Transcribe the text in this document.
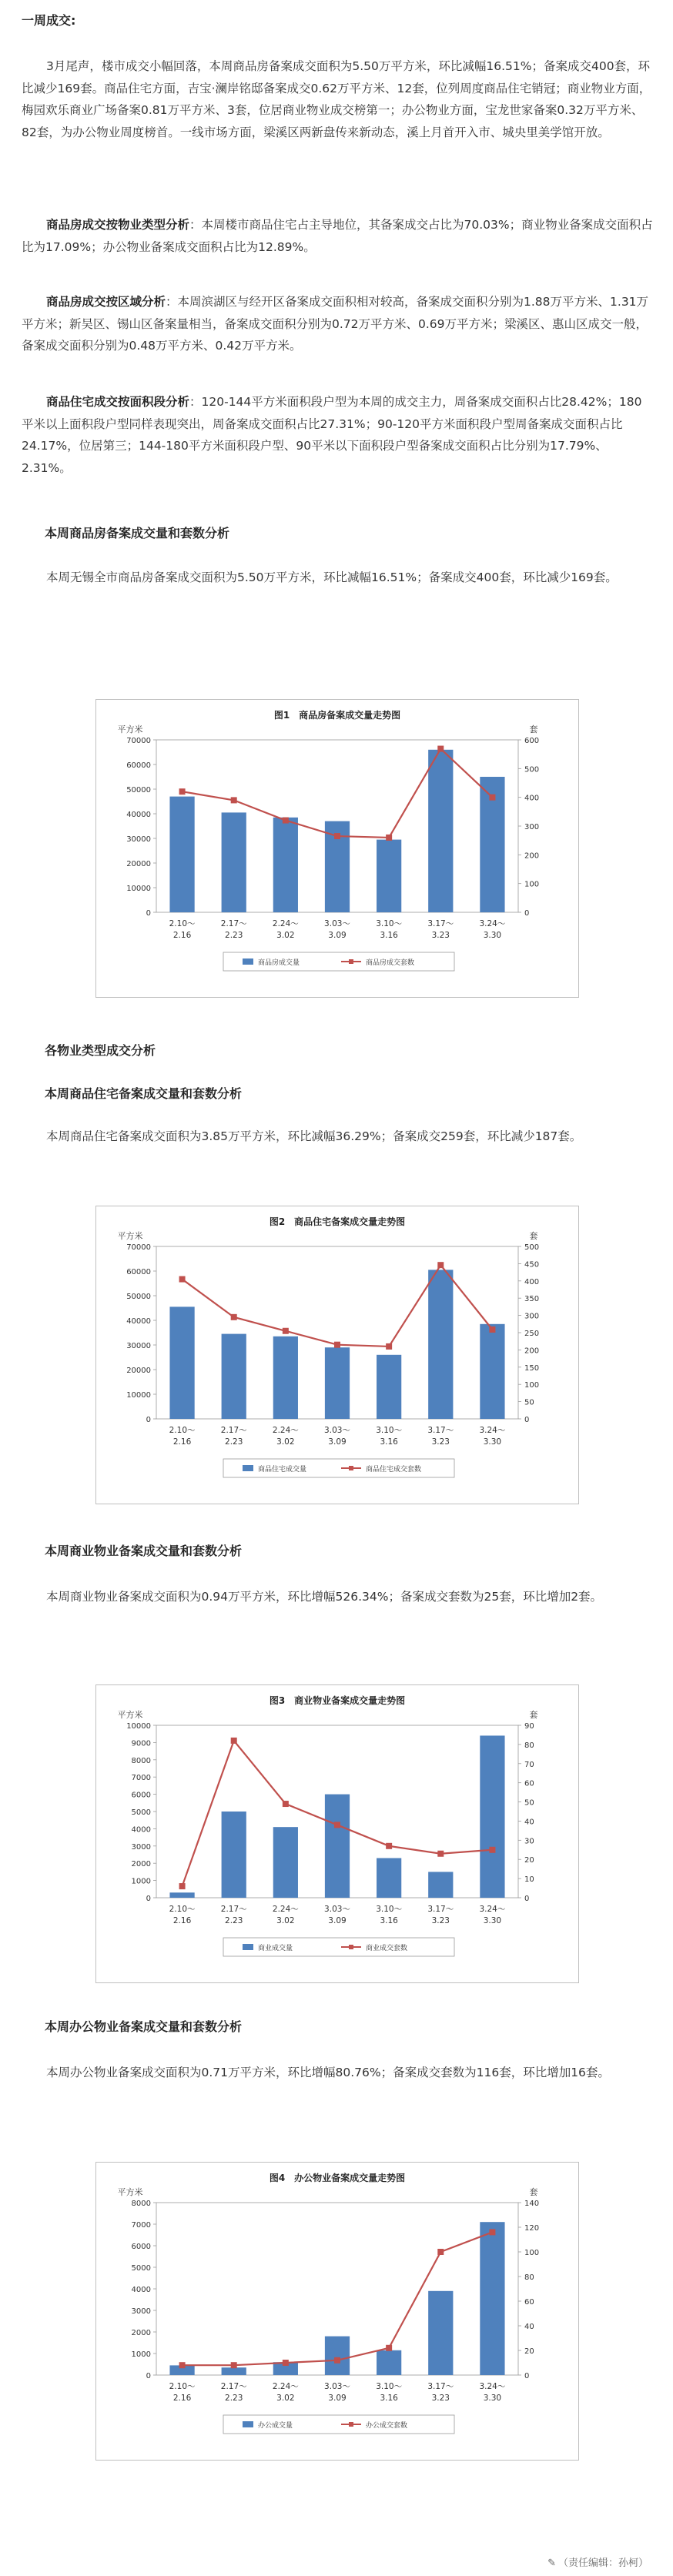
一周成交:

3月尾声，楼市成交小幅回落，本周商品房备案成交面积为5.50万平方米，环比减幅16.51%；备案成交400套，环比减少169套。商品住宅方面，吉宝·澜岸铭邸备案成交0.62万平方米、12套，位列周度商品住宅销冠；商业物业方面，梅园欢乐商业广场备案0.81万平方米、3套，位居商业物业成交榜第一；办公物业方面，宝龙世家备案0.32万平方米、82套，为办公物业周度榜首。一线市场方面，梁溪区两新盘传来新动态，溪上月首开入市、城央里美学馆开放。

商品房成交按物业类型分析：本周楼市商品住宅占主导地位，其备案成交占比为70.03%；商业物业备案成交面积占比为17.09%；办公物业备案成交面积占比为12.89%。

商品房成交按区域分析：本周滨湖区与经开区备案成交面积相对较高，备案成交面积分别为1.88万平方米、1.31万平方米；新吴区、锡山区备案量相当，备案成交面积分别为0.72万平方米、0.69万平方米；梁溪区、惠山区成交一般，备案成交面积分别为0.48万平方米、0.42万平方米。

商品住宅成交按面积段分析：120-144平方米面积段户型为本周的成交主力，周备案成交面积占比28.42%；180平米以上面积段户型同样表现突出，周备案成交面积占比27.31%；90-120平方米面积段户型周备案成交面积占比24.17%，位居第三；144-180平方米面积段户型、90平米以下面积段户型备案成交面积占比分别为17.79%、2.31%。

本周商品房备案成交量和套数分析

本周无锡全市商品房备案成交面积为5.50万平方米，环比减幅16.51%；备案成交400套，环比减少169套。

图1　商品房备案成交量走势图
平方米	套
0
10000
20000
30000
40000
50000
60000
70000
0
100
200
300
400
500
600
2.10～
2.16
2.17～
2.23
2.24～
3.02
3.03～
3.09
3.10～
3.16
3.17～
3.23
3.24～
3.30
商品房成交量	商品房成交套数

各物业类型成交分析

本周商品住宅备案成交量和套数分析

本周商品住宅备案成交面积为3.85万平方米，环比减幅36.29%；备案成交259套，环比减少187套。

图2　商品住宅备案成交量走势图
平方米	套
0
10000
20000
30000
40000
50000
60000
70000
0
50
100
150
200
250
300
350
400
450
500
2.10～
2.16
2.17～
2.23
2.24～
3.02
3.03～
3.09
3.10～
3.16
3.17～
3.23
3.24～
3.30
商品住宅成交量	商品住宅成交套数

本周商业物业备案成交量和套数分析

本周商业物业备案成交面积为0.94万平方米，环比增幅526.34%；备案成交套数为25套，环比增加2套。

图3　商业物业备案成交量走势图
平方米	套
0
1000
2000
3000
4000
5000
6000
7000
8000
9000
10000
0
10
20
30
40
50
60
70
80
90
2.10～
2.16
2.17～
2.23
2.24～
3.02
3.03～
3.09
3.10～
3.16
3.17～
3.23
3.24～
3.30
商业成交量	商业成交套数

本周办公物业备案成交量和套数分析

本周办公物业备案成交面积为0.71万平方米，环比增幅80.76%；备案成交套数为116套，环比增加16套。

图4　办公物业备案成交量走势图
平方米	套
0
1000
2000
3000
4000
5000
6000
7000
8000
0
20
40
60
80
100
120
140
2.10～
2.16
2.17～
2.23
2.24～
3.02
3.03～
3.09
3.10～
3.16
3.17～
3.23
3.24～
3.30
办公成交量	办公成交套数
✎ （责任编辑：孙柯）
